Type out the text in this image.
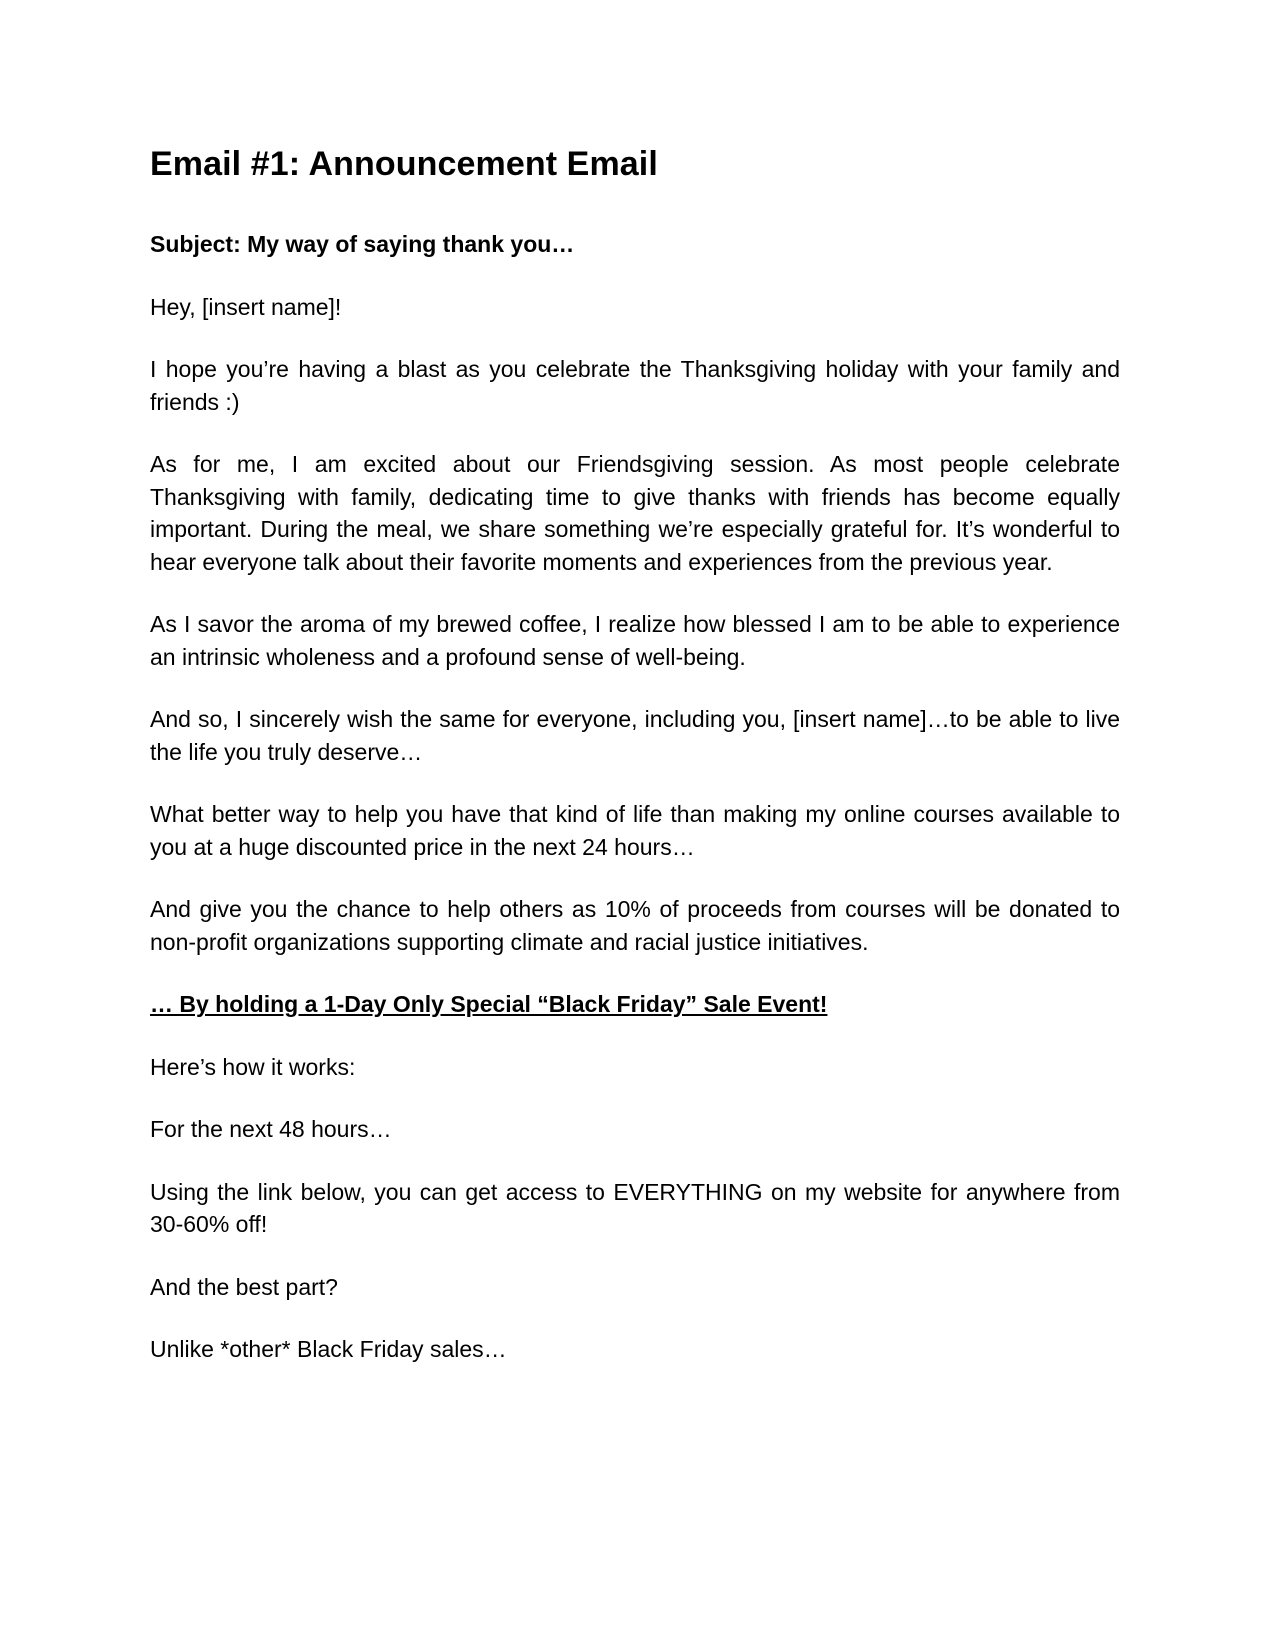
Email #1: Announcement Email

Subject: My way of saying thank you…

Hey, [insert name]!

I hope you’re having a blast as you celebrate the Thanksgiving holiday with your family and friends :)

As for me, I am excited about our Friendsgiving session. As most people celebrate Thanksgiving with family, dedicating time to give thanks with friends has become equally important. During the meal, we share something we’re especially grateful for. It’s wonderful to hear everyone talk about their favorite moments and experiences from the previous year.

As I savor the aroma of my brewed coffee, I realize how blessed I am to be able to experience an intrinsic wholeness and a profound sense of well-being.

And so, I sincerely wish the same for everyone, including you, [insert name]…to be able to live the life you truly deserve…

What better way to help you have that kind of life than making my online courses available to you at a huge discounted price in the next 24 hours…

And give you the chance to help others as 10% of proceeds from courses will be donated to non-profit organizations supporting climate and racial justice initiatives.

… By holding a 1-Day Only Special “Black Friday” Sale Event!

Here’s how it works:

For the next 48 hours…

Using the link below, you can get access to EVERYTHING on my website for anywhere from 30-60% off!

And the best part?

Unlike *other* Black Friday sales…
